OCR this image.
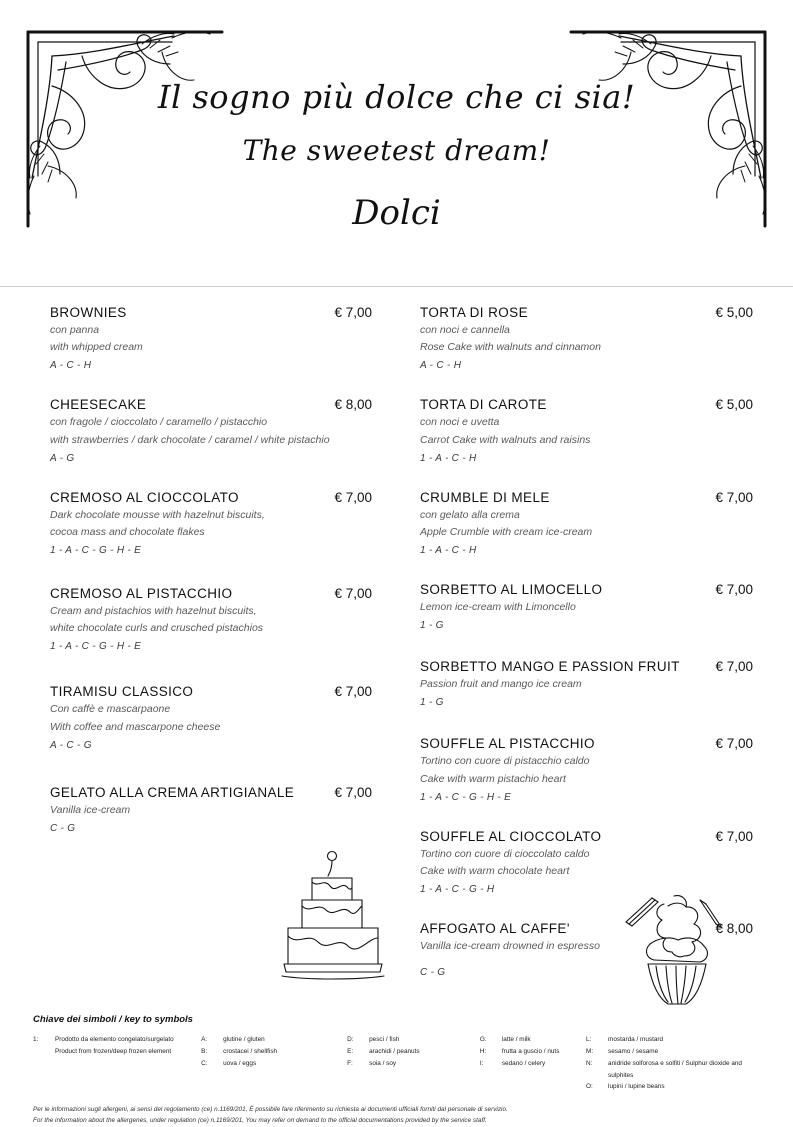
Il sogno più dolce che ci sia!
The sweetest dream!
Dolci
BROWNIES	€ 7,00
con panna
with whipped cream
A - C - H
CHEESECAKE	€ 8,00
con fragole / cioccolato / caramello / pistacchio
with strawberries / dark chocolate / caramel / white pistachio
A - G
CREMOSO AL CIOCCOLATO	€ 7,00
Dark chocolate mousse with hazelnut biscuits,
cocoa mass and chocolate flakes
1 - A - C - G - H - E
CREMOSO AL PISTACCHIO	€ 7,00
Cream and pistachios with hazelnut biscuits,
white chocolate curls and crusched pistachios
1 - A - C - G - H - E
TIRAMISU CLASSICO	€ 7,00
Con caffè e mascarpaone
With coffee and mascarpone cheese
A - C - G
GELATO ALLA CREMA ARTIGIANALE	€ 7,00
Vanilla ice-cream
C - G
TORTA DI ROSE	€ 5,00
con noci e cannella
Rose Cake with walnuts and cinnamon
A - C - H
TORTA DI CAROTE	€ 5,00
con noci e uvetta
Carrot Cake with walnuts and raisins
1 - A - C - H
CRUMBLE DI MELE	€ 7,00
con gelato alla crema
Apple Crumble with cream ice-cream
1 - A - C - H
SORBETTO AL LIMOCELLO	€ 7,00
Lemon ice-cream with Limoncello
1 - G
SORBETTO MANGO E PASSION FRUIT	€ 7,00
Passion fruit and mango ice cream
1 - G
SOUFFLE AL PISTACCHIO	€ 7,00
Tortino con cuore di pistacchio caldo
Cake with warm pistachio heart
1 - A - C - G - H - E
SOUFFLE AL CIOCCOLATO	€ 7,00
Tortino con cuore di cioccolato caldo
Cake with warm chocolate heart
1 - A - C - G - H
AFFOGATO AL CAFFE'	€ 8,00
Vanilla ice-cream drowned in espresso
C - G
Chiave dei simboli / key to symbols
1:	Prodotto da elemento congelato/surgelato
Product from frozen/deep frozen element
A:	glutine / gluten
B:	crostacei / shellfish
C:	uova / eggs
D:	pesci / fish
E:	arachidi / peanuts
F:	soia / soy
G:	latte / milk
H:	frutta a guscio / nuts
I:	sedano / celery
L:	mostarda / mustard
M:	sesamo / sesame
N:	anidride solforosa e solfiti / Sulphur dioxide and sulphites
O:	lupini / lupine beans
Per le informazioni sugli allergeni, ai sensi del regolamento (ce) n.1169/201, È possibile fare riferimento su richiesta ai documenti ufficiali forniti dal personale di servizio.
For the information about the allergenes, under regulation (ce) n.1169/201, You may refer on demand to the official documentations provided by the service staff.
